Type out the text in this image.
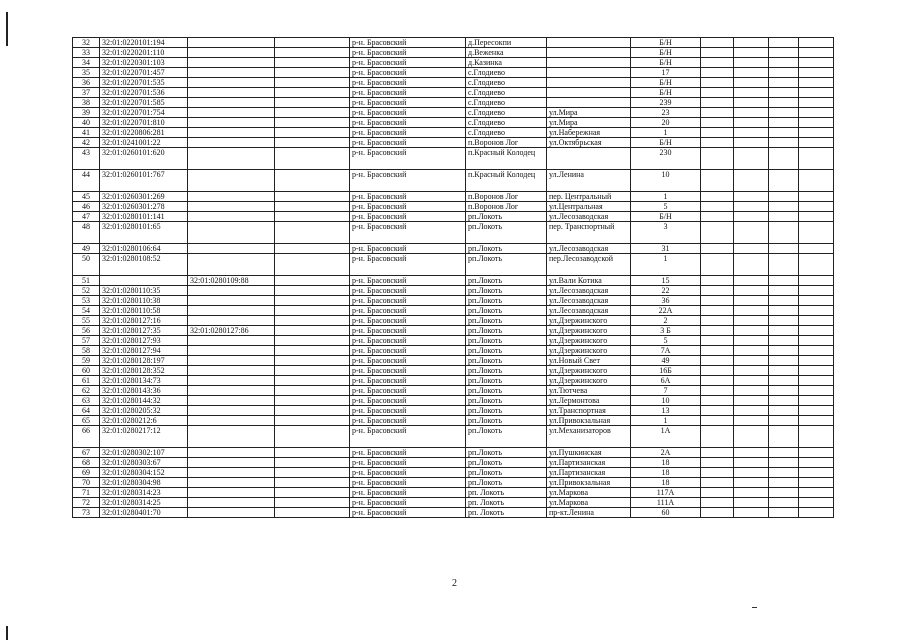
32	32:01:0220101:194			р-н. Брасовский	д.Пересокпи		Б/Н				
33	32:01:0220201:110			р-н. Брасовский	д.Веженка		Б/Н				
34	32:01:0220301:103			р-н. Брасовский	д.Казинка		Б/Н				
35	32:01:0220701:457			р-н. Брасовский	с.Глодиево		17				
36	32:01:0220701:535			р-н. Брасовский	с.Глодиево		Б/Н				
37	32:01:0220701:536			р-н. Брасовский	с.Глодиево		Б/Н				
38	32:01:0220701:585			р-н. Брасовский	с.Глодиево		239				
39	32:01:0220701:754			р-н. Брасовский	с.Глодиево	ул.Мира	23				
40	32:01:0220701:810			р-н. Брасовский	с.Глодиево	ул.Мира	20				
41	32:01:0220806:281			р-н. Брасовский	с.Глодиево	ул.Набережная	1				
42	32:01:0241001:22			р-н. Брасовский	п.Воронов Лог	ул.Октябрьская	Б/Н				
43	32:01:0260101:620			р-н. Брасовский	п.Красный Колодец		230				
44	32:01:0260101:767			р-н. Брасовский	п.Красный Колодец	ул.Ленина	10				
45	32:01:0260301:269			р-н. Брасовский	п.Воронов Лог	пер. Центральный	1				
46	32:01:0260301:278			р-н. Брасовский	п.Воронов Лог	ул.Центральная	5				
47	32:01:0280101:141			р-н. Брасовский	рп.Локоть	ул.Лесозаводская	Б/Н				
48	32:01:0280101:65			р-н. Брасовский	рп.Локоть	пер. Транспортный	3				
49	32:01:0280106:64			р-н. Брасовский	рп.Локоть	ул.Лесозаводская	31				
50	32:01:0280108:52			р-н. Брасовский	рп.Локоть	пер.Лесозаводской	1				
51		32:01:0280109:88		р-н. Брасовский	рп.Локоть	ул.Вали Котика	15				
52	32:01:0280110:35			р-н. Брасовский	рп.Локоть	ул.Лесозаводская	22				
53	32:01:0280110:38			р-н. Брасовский	рп.Локоть	ул.Лесозаводская	36				
54	32:01:0280110:58			р-н. Брасовский	рп.Локоть	ул.Лесозаводская	22А				
55	32:01:0280127:16			р-н. Брасовский	рп.Локоть	ул.Дзержинского	2				
56	32:01:0280127:35	32:01:0280127:86		р-н. Брасовский	рп.Локоть	ул.Дзержинского	3 Б				
57	32:01:0280127:93			р-н. Брасовский	рп.Локоть	ул.Дзержинского	5				
58	32:01:0280127:94			р-н. Брасовский	рп.Локоть	ул.Дзержинского	7А				
59	32:01:0280128:197			р-н. Брасовский	рп.Локоть	ул.Новый Свет	49				
60	32:01:0280128:352			р-н. Брасовский	рп.Локоть	ул.Дзержинского	16Б				
61	32:01:0280134:73			р-н. Брасовский	рп.Локоть	ул.Дзержинского	6А				
62	32:01:0280143:36			р-н. Брасовский	рп.Локоть	ул.Тютчева	7				
63	32:01:0280144:32			р-н. Брасовский	рп.Локоть	ул.Лермонтова	10				
64	32:01:0280205:32			р-н. Брасовский	рп.Локоть	ул.Транспортная	13				
65	32:01:0280212:6			р-н. Брасовский	рп.Локоть	ул.Привокзальная	1				
66	32:01:0280217:12			р-н. Брасовский	рп.Локоть	ул.Механизаторов	1А				
67	32:01:0280302:107			р-н. Брасовский	рп.Локоть	ул.Пушкинская	2А				
68	32:01:0280303:67			р-н. Брасовский	рп.Локоть	ул.Партизанская	18				
69	32:01:0280304:152			р-н. Брасовский	рп.Локоть	ул.Партизанская	18				
70	32:01:0280304:98			р-н. Брасовский	рп.Локоть	ул.Привокзальная	18				
71	32:01:0280314:23			р-н. Брасовский	рп. Локоть	ул.Маркова	117А				
72	32:01:0280314:25			р-н. Брасовский	рп. Локоть	ул.Маркова	111А				
73	32:01:0280401:70			р-н. Брасовский	рп. Локоть	пр-кт.Ленина	60				
2
